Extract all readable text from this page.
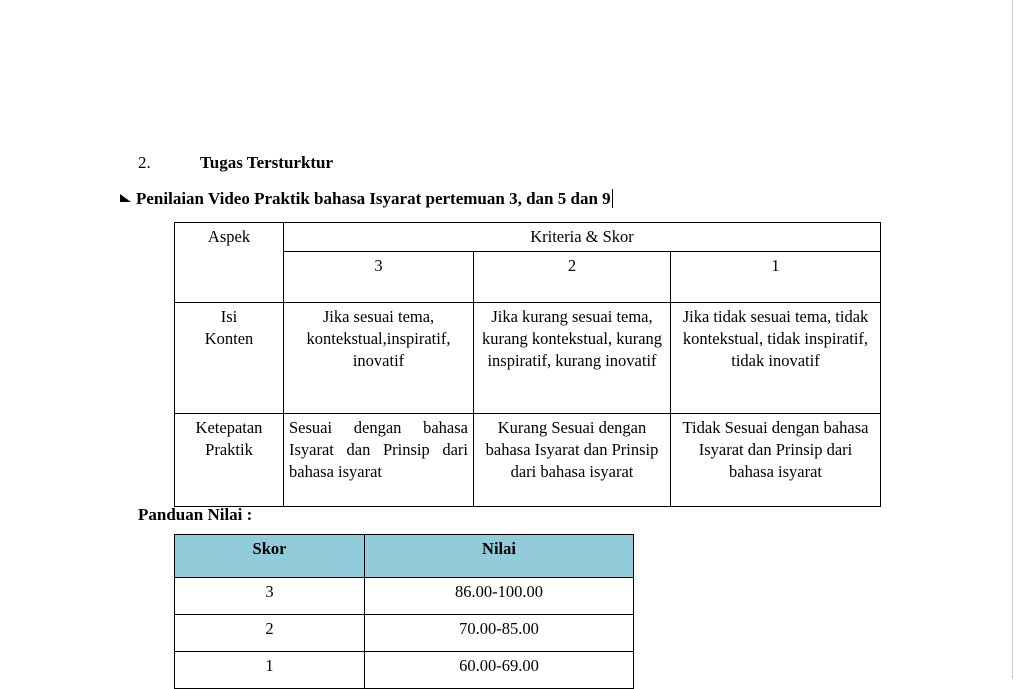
2.	Tugas Tersturktur
Penilaian Video Praktik bahasa Isyarat pertemuan 3, dan 5 dan 9
Aspek	Kriteria & Skor		
	3	2	1
Isi
Konten	Jika sesuai tema, kontekstual,inspiratif, inovatif	Jika kurang sesuai tema, kurang kontekstual, kurang inspiratif, kurang inovatif	Jika tidak sesuai tema, tidak kontekstual, tidak inspiratif, tidak inovatif
Ketepatan
Praktik	Sesuai dengan bahasa Isyarat dan Prinsip dari bahasa isyarat	Kurang Sesuai dengan bahasa Isyarat dan Prinsip dari bahasa isyarat	Tidak Sesuai dengan bahasa Isyarat dan Prinsip dari bahasa isyarat
Panduan Nilai :
Skor	Nilai
3	86.00-100.00
2	70.00-85.00
1	60.00-69.00
